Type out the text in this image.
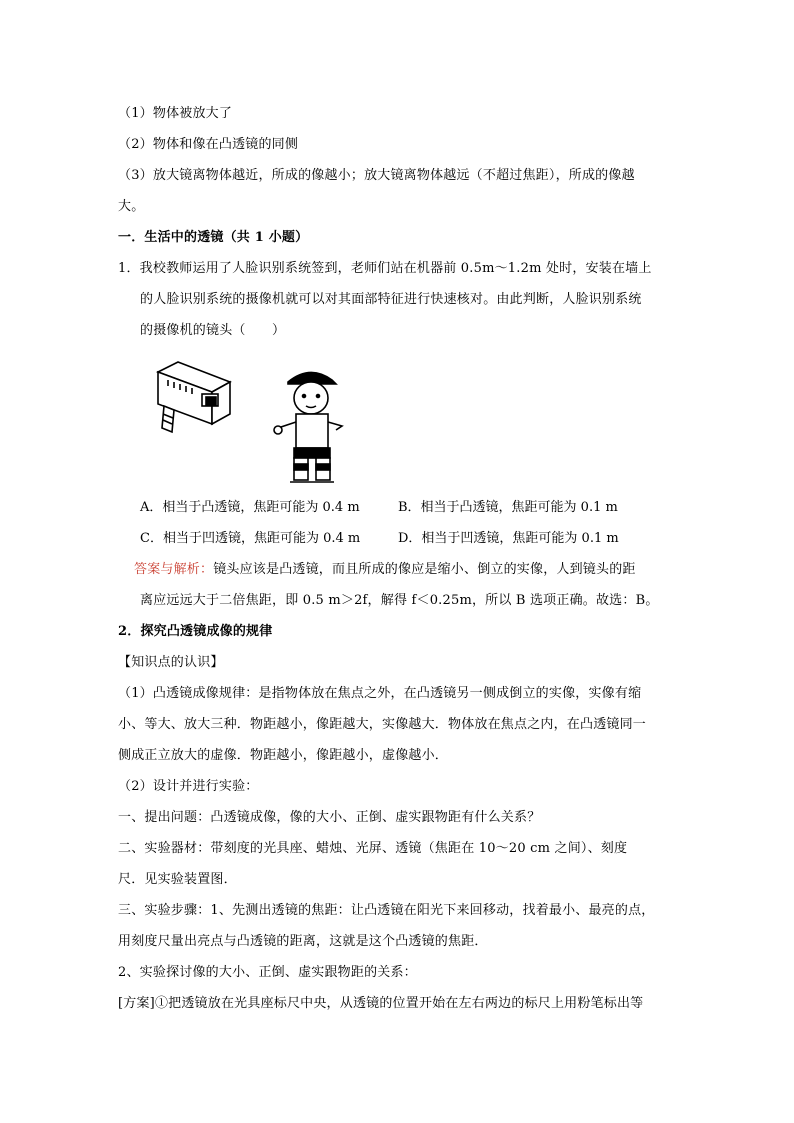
（1）物体被放大了
（2）物体和像在凸透镜的同侧
（3）放大镜离物体越近，所成的像越小；放大镜离物体越远（不超过焦距），所成的像越
大。
一．生活中的透镜（共 1 小题）
1．我校教师运用了人脸识别系统签到，老师们站在机器前 0.5m～1.2m 处时，安装在墙上
的人脸识别系统的摄像机就可以对其面部特征进行快速核对。由此判断，人脸识别系统
的摄像机的镜头（　　）
A．相当于凸透镜，焦距可能为 0.4 m	B．相当于凸透镜，焦距可能为 0.1 m
C．相当于凹透镜，焦距可能为 0.4 m	D．相当于凹透镜，焦距可能为 0.1 m
答案与解析：镜头应该是凸透镜，而且所成的像应是缩小、倒立的实像，人到镜头的距
离应远远大于二倍焦距，即 0.5 m＞2f，解得 f＜0.25m，所以 B 选项正确。故选：B。
2．探究凸透镜成像的规律
【知识点的认识】
（1）凸透镜成像规律：是指物体放在焦点之外，在凸透镜另一侧成倒立的实像，实像有缩
小、等大、放大三种．物距越小，像距越大，实像越大．物体放在焦点之内，在凸透镜同一
侧成正立放大的虚像．物距越小，像距越小，虚像越小．
（2）设计并进行实验：
一、提出问题：凸透镜成像，像的大小、正倒、虚实跟物距有什么关系？
二、实验器材：带刻度的光具座、蜡烛、光屏、透镜（焦距在 10～20 cm 之间）、刻度
尺．见实验装置图．
三、实验步骤：1、先测出透镜的焦距：让凸透镜在阳光下来回移动，找着最小、最亮的点，
用刻度尺量出亮点与凸透镜的距离，这就是这个凸透镜的焦距．
2、实验探讨像的大小、正倒、虚实跟物距的关系：
[方案]①把透镜放在光具座标尺中央，从透镜的位置开始在左右两边的标尺上用粉笔标出等
